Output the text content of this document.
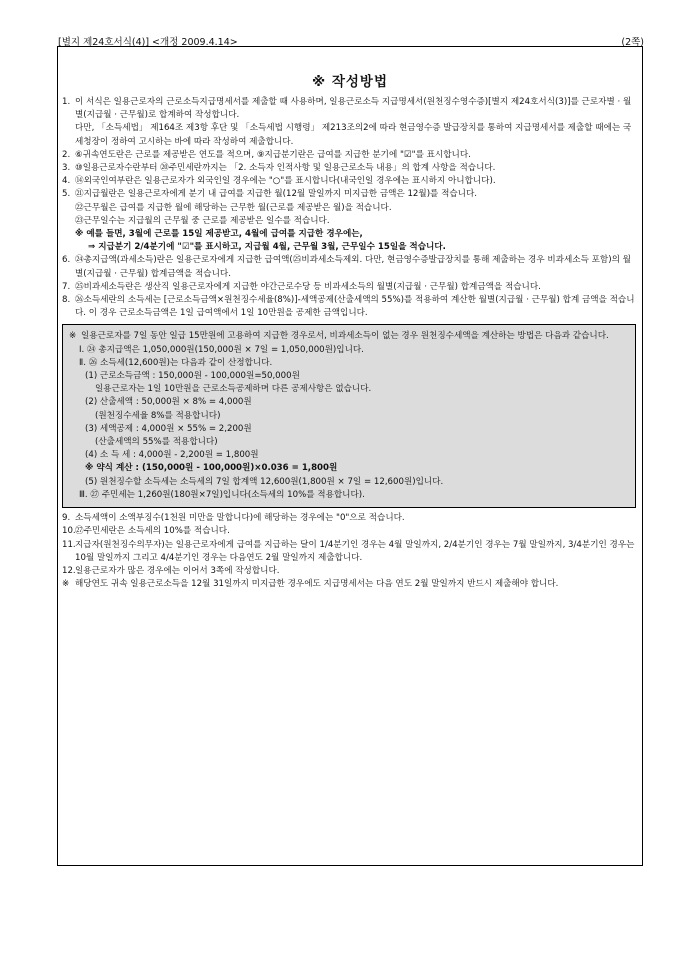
[별지 제24호서식(4)] <개정 2009.4.14>	(2쪽)
※ 작성방법
1. 이 서식은 일용근로자의 근로소득지급명세서를 제출할 때 사용하며, 일용근로소득 지급명세서(원천징수영수증)[별지 제24호서식(3)]를 근로자별 · 월별(지급월 · 근무월)로 합계하여 작성합니다.
다만, 「소득세법」 제164조 제3항 후단 및 「소득세법 시행령」 제213조의2에 따라 현금영수증 발급장치를 통하여 지급명세서를 제출할 때에는 국세청장이 정하여 고시하는 바에 따라 작성하여 제출합니다.
2. ⑥귀속연도란은 근로를 제공받은 연도를 적으며, ⑨지급분기란은 급여를 지급한 분기에 "☑"를 표시합니다.
3. ⑩일용근로자수란부터 ⑳주민세란까지는 「2. 소득자 인적사항 및 일용근로소득 내용」의 합계 사항을 적습니다.
4. ⑭외국인여부란은 일용근로자가 외국인일 경우에는 "○"를 표시합니다(내국인일 경우에는 표시하지 아니합니다).
5. ㉑지급월란은 일용근로자에게 분기 내 급여를 지급한 월(12월 말일까지 미지급한 금액은 12월)를 적습니다.
㉒근무월은 급여를 지급한 월에 해당하는 근무한 월(근로를 제공받은 월)을 적습니다.
㉓근무일수는 지급월의 근무월 중 근로를 제공받은 일수를 적습니다.
※ 예를 들면, 3월에 근로를 15일 제공받고, 4월에 급여를 지급한 경우에는,
⇒ 지급분기 2/4분기에 "☑"를 표시하고, 지급월 4월, 근무월 3월, 근무일수 15일을 적습니다.
6. ㉔총지급액(과세소득)란은 일용근로자에게 지급한 급여액(㉕비과세소득제외. 다만, 현금영수증발급장치를 통해 제출하는 경우 비과세소득 포함)의 월별(지급월 · 근무월) 합계금액을 적습니다.
7. ㉕비과세소득란은 생산직 일용근로자에게 지급한 야간근로수당 등 비과세소득의 월별(지급월 · 근무월) 합계금액을 적습니다.
8. ㉖소득세란의 소득세는 [근로소득금액×원천징수세율(8%)]-세액공제(산출세액의 55%)를 적용하여 계산한 월별(지급월 · 근무월) 합계 금액을 적습니다. 이 경우 근로소득금액은 1일 급여액에서 1일 10만원을 공제한 금액입니다.
※ 일용근로자를 7일 동안 일급 15만원에 고용하여 지급한 경우로서, 비과세소득이 없는 경우 원천징수세액을 계산하는 방법은 다음과 같습니다.
Ⅰ. ㉔ 총지급액은 1,050,000원(150,000원 × 7일 = 1,050,000원)입니다.
Ⅱ. ㉖ 소득세(12,600원)는 다음과 같이 산정합니다.
(1) 근로소득금액 : 150,000원 - 100,000원=50,000원
일용근로자는 1일 10만원을 근로소득공제하며 다른 공제사항은 없습니다.
(2) 산출세액 : 50,000원 × 8% = 4,000원
(원천징수세율 8%를 적용합니다)
(3) 세액공제 : 4,000원 × 55% = 2,200원
(산출세액의 55%를 적용합니다)
(4) 소 득 세 : 4,000원 - 2,200원 = 1,800원
※ 약식 계산 : (150,000원 - 100,000원)×0.036 = 1,800원
(5) 원천징수할 소득세는 소득세의 7일 합계액 12,600원(1,800원 × 7일 = 12,600원)입니다.
Ⅲ. ㉗ 주민세는 1,260원(180원×7일)입니다(소득세의 10%를 적용합니다).
9. 소득세액이 소액부징수(1천원 미만을 말합니다)에 해당하는 경우에는 "0"으로 적습니다.
10. ㉗주민세란은 소득세의 10%를 적습니다.
11. 지급자(원천징수의무자)는 일용근로자에게 급여를 지급하는 달이 1/4분기인 경우는 4월 말일까지, 2/4분기인 경우는 7월 말일까지, 3/4분기인 경우는 10월 말일까지 그리고 4/4분기인 경우는 다음연도 2월 말일까지 제출합니다.
12. 일용근로자가 많은 경우에는 이어서 3쪽에 작성합니다.
※ 해당연도 귀속 일용근로소득을 12월 31일까지 미지급한 경우에도 지급명세서는 다음 연도 2월 말일까지 반드시 제출해야 합니다.
